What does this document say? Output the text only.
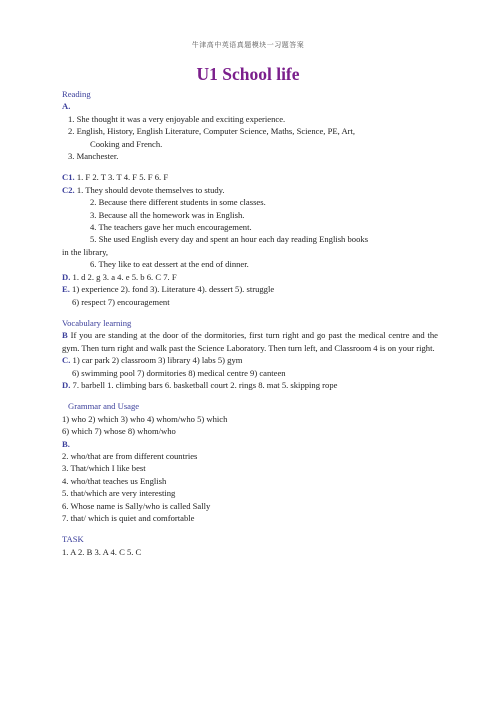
牛津高中英语真题模块一习题答案
U1 School life
Reading
A.
1. She thought it was a very enjoyable and exciting experience.
2. English, History, English Literature, Computer Science, Maths, Science, PE, Art,
Cooking and French.
3. Manchester.
C1. 1. F 2. T 3. T 4. F 5. F 6. F
C2. 1. They should devote themselves to study.
2. Because there different students in some classes.
3. Because all the homework was in English.
4. The teachers gave her much encouragement.
5. She used English every day and spent an hour each day reading English books
in the library,
6. They like to eat dessert at the end of dinner.
D. 1. d 2. g 3. a 4. e 5. b 6. C 7. F
E. 1) experience 2). fond 3). Literature 4). dessert 5). struggle
6) respect 7) encouragement
Vocabulary learning
B If you are standing at the door of the dormitories, first turn right and go past the medical centre and the gym. Then turn right and walk past the Science Laboratory. Then turn left, and Classroom 4 is on your right.
C. 1) car park 2) classroom 3) library 4) labs 5) gym
6) swimming pool 7) dormitories 8) medical centre 9) canteen
D. 7. barbell 1. climbing bars 6. basketball court 2. rings 8. mat 5. skipping rope
Grammar and Usage
1) who 2) which 3) who 4) whom/who 5) which
6) which 7) whose 8) whom/who
B.
2. who/that are from different countries
3. That/which I like best
4. who/that teaches us English
5. that/which are very interesting
6. Whose name is Sally/who is called Sally
7. that/ which is quiet and comfortable
TASK
1. A 2. B 3. A 4. C 5. C
